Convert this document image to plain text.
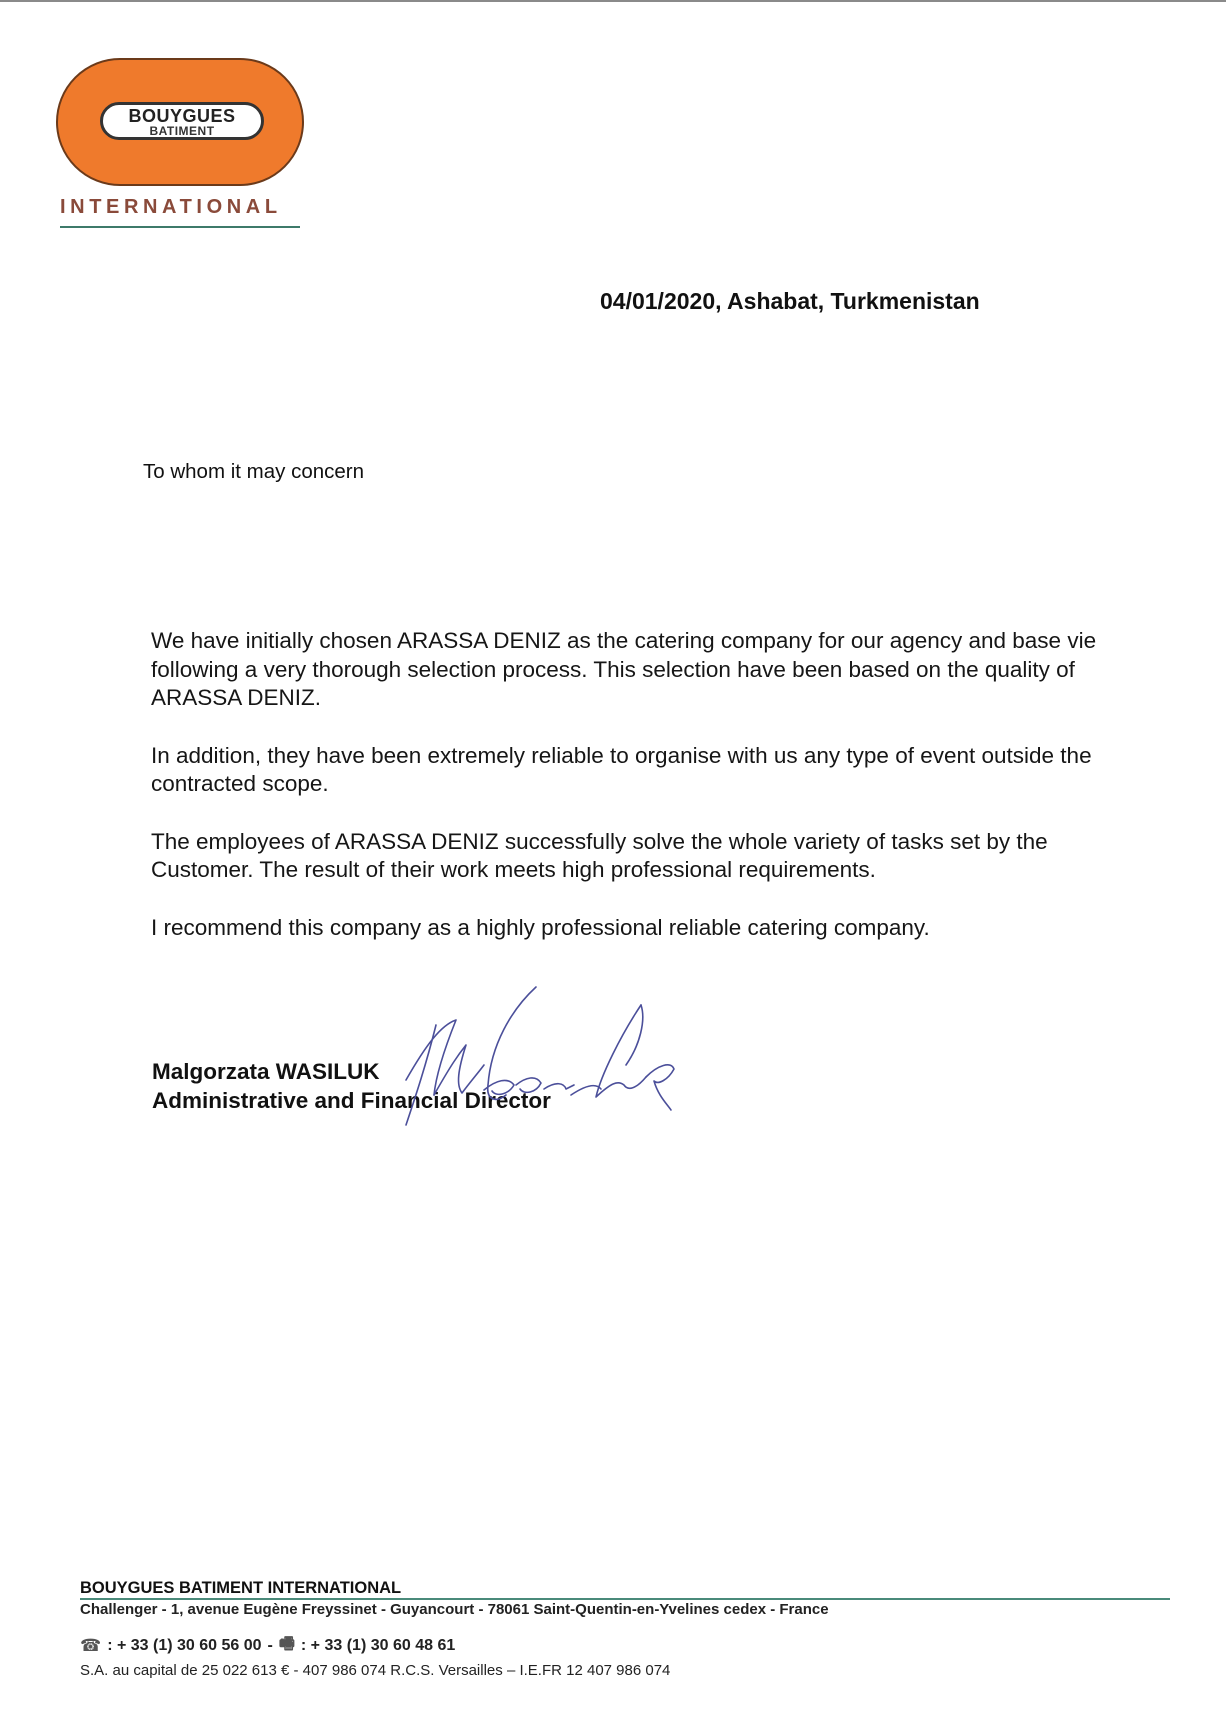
BOUYGUES
BATIMENT
INTERNATIONAL
04/01/2020, Ashabat, Turkmenistan
To whom it may concern

We have initially chosen ARASSA DENIZ as the catering company for our agency and base vie following a very thorough selection process. This selection have been based on the quality of ARASSA DENIZ.

In addition, they have been extremely reliable to organise with us any type of event outside the contracted scope.

The employees of ARASSA DENIZ successfully solve the whole variety of tasks set by the Customer. The result of their work meets high professional requirements.

I recommend this company as a highly professional reliable catering company.

Malgorzata WASILUK
Administrative and Financial Director
BOUYGUES BATIMENT INTERNATIONAL
Challenger - 1, avenue Eugène Freyssinet - Guyancourt - 78061 Saint-Quentin-en-Yvelines cedex - France
☎ : + 33 (1) 30 60 56 00 - 🖷 : + 33 (1) 30 60 48 61
S.A. au capital de 25 022 613 € - 407 986 074 R.C.S. Versailles – I.E.FR 12 407 986 074
